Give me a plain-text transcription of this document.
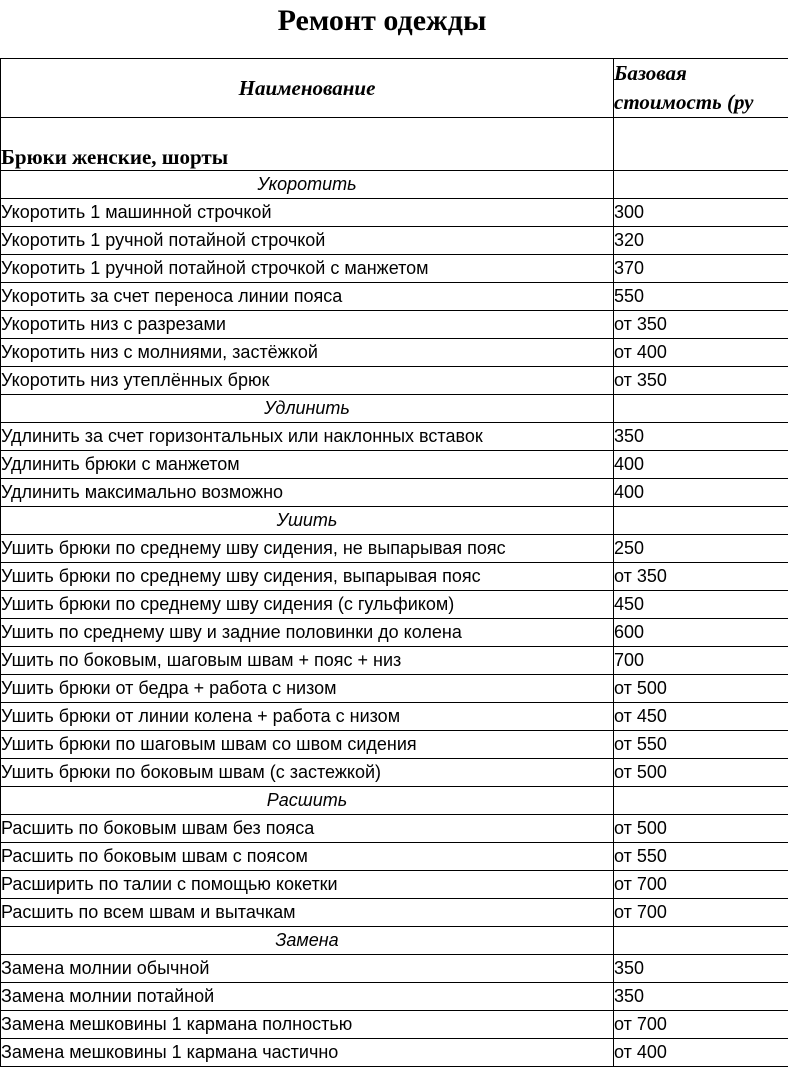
Ремонт одежды
Наименование	Базовая
стоимость (ру
Брюки женские, шорты	
Укоротить	
Укоротить 1 машинной строчкой	300
Укоротить 1 ручной потайной строчкой	320
Укоротить 1 ручной потайной строчкой с манжетом	370
Укоротить за счет переноса линии пояса	550
Укоротить низ с разрезами	от 350
Укоротить низ с молниями, застёжкой	от 400
Укоротить низ утеплённых брюк	от 350
Удлинить	
Удлинить за счет горизонтальных или наклонных вставок	350
Удлинить брюки с манжетом	400
Удлинить максимально возможно	400
Ушить	
Ушить брюки по среднему шву сидения, не выпарывая пояс	250
Ушить брюки по среднему шву сидения, выпарывая пояс	от 350
Ушить брюки по среднему шву сидения (с гульфиком)	450
Ушить по среднему шву и задние половинки до колена	600
Ушить по боковым, шаговым швам + пояс + низ	700
Ушить брюки от бедра + работа с низом	от 500
Ушить брюки от линии колена + работа с низом	от 450
Ушить брюки по шаговым швам со швом сидения	от 550
Ушить брюки по боковым швам (с застежкой)	от 500
Расшить	
Расшить по боковым швам без пояса	от 500
Расшить по боковым швам с поясом	от 550
Расширить по талии с помощью кокетки	от 700
Расшить по всем швам и вытачкам	от 700
Замена	
Замена молнии обычной	350
Замена молнии потайной	350
Замена мешковины 1 кармана полностью	от 700
Замена мешковины 1 кармана частично	от 400
